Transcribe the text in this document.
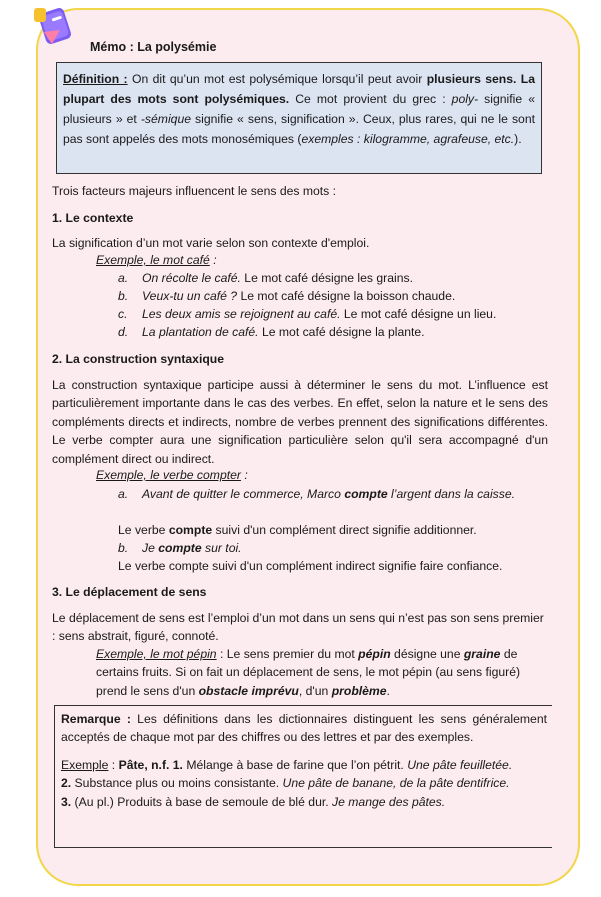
Mémo : La polysémie
Définition : On dit qu’un mot est polysémique lorsqu’il peut avoir plusieurs sens. La plupart des mots sont polysémiques. Ce mot provient du grec : poly- signifie « plusieurs » et -sémique signifie « sens, signification ». Ceux, plus rares, qui ne le sont pas sont appelés des mots monosémiques (exemples : kilogramme, agrafeuse, etc.).
Trois facteurs majeurs influencent le sens des mots :
1. Le contexte
La signification d’un mot varie selon son contexte d'emploi.
Exemple, le mot café :
a. On récolte le café. Le mot café désigne les grains.
b. Veux-tu un café ? Le mot café désigne la boisson chaude.
c. Les deux amis se rejoignent au café. Le mot café désigne un lieu.
d. La plantation de café. Le mot café désigne la plante.
2. La construction syntaxique
La construction syntaxique participe aussi à déterminer le sens du mot. L’influence est particulièrement importante dans le cas des verbes. En effet, selon la nature et le sens des compléments directs et indirects, nombre de verbes prennent des significations différentes. Le verbe compter aura une signification particulière selon qu'il sera accompagné d'un complément direct ou indirect.
Exemple, le verbe compter :
a. Avant de quitter le commerce, Marco compte l’argent dans la caisse.
Le verbe compte suivi d'un complément direct signifie additionner.
b. Je compte sur toi.
Le verbe compte suivi d'un complément indirect signifie faire confiance.
3. Le déplacement de sens
Le déplacement de sens est l’emploi d’un mot dans un sens qui n’est pas son sens premier : sens abstrait, figuré, connoté.
Exemple, le mot pépin : Le sens premier du mot pépin désigne une graine de certains fruits. Si on fait un déplacement de sens, le mot pépin (au sens figuré) prend le sens d'un obstacle imprévu, d'un problème.
Remarque : Les définitions dans les dictionnaires distinguent les sens généralement acceptés de chaque mot par des chiffres ou des lettres et par des exemples.
Exemple : Pâte, n.f. 1. Mélange à base de farine que l’on pétrit. Une pâte feuilletée.
2. Substance plus ou moins consistante. Une pâte de banane, de la pâte dentifrice.
3. (Au pl.) Produits à base de semoule de blé dur. Je mange des pâtes.
